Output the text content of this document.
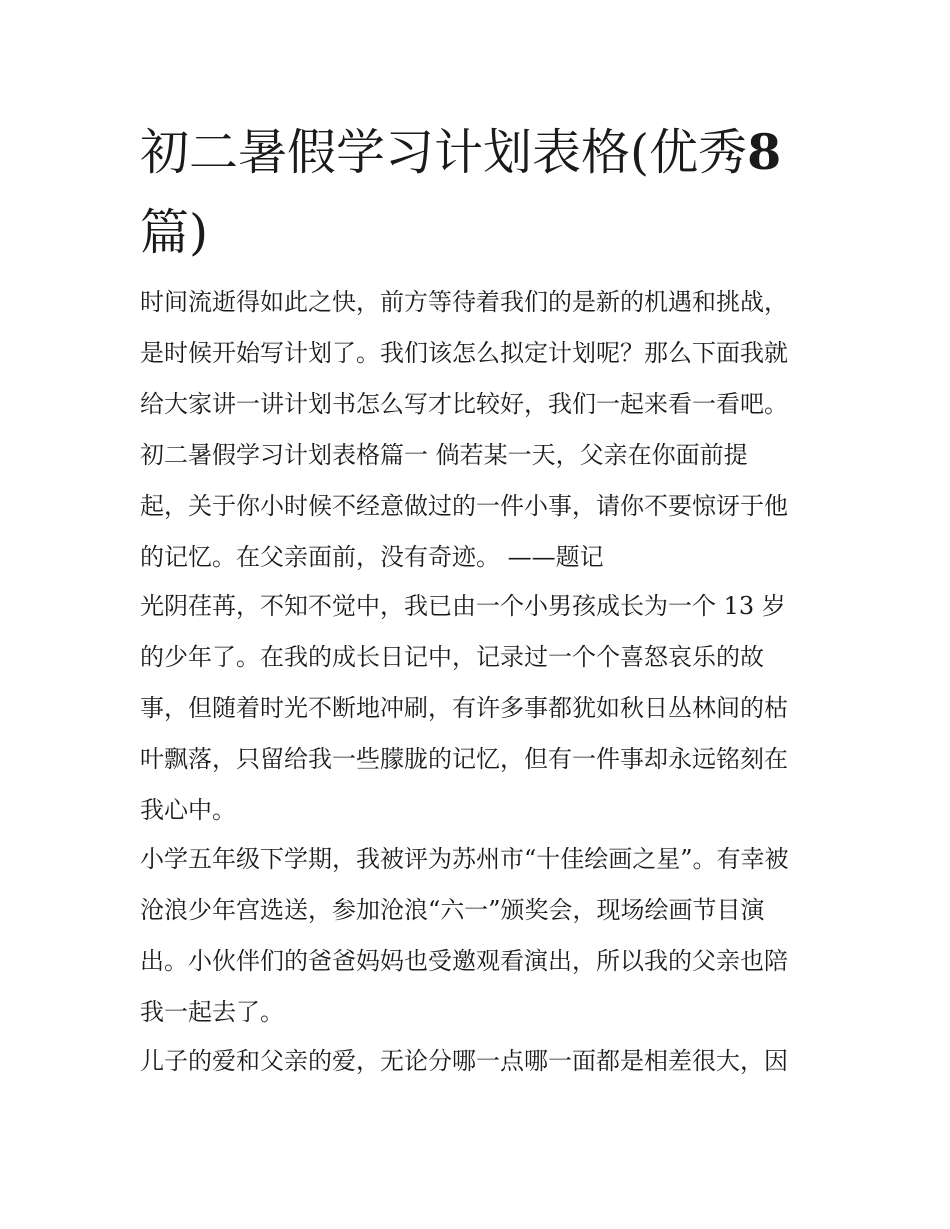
初二暑假学习计划表格(优秀8
篇)
时间流逝得如此之快，前方等待着我们的是新的机遇和挑战，
是时候开始写计划了。我们该怎么拟定计划呢？那么下面我就
给大家讲一讲计划书怎么写才比较好，我们一起来看一看吧。
初二暑假学习计划表格篇一 倘若某一天，父亲在你面前提
起，关于你小时候不经意做过的一件小事，请你不要惊讶于他
的记忆。在父亲面前，没有奇迹。 ——题记
光阴荏苒，不知不觉中，我已由一个小男孩成长为一个 13 岁
的少年了。在我的成长日记中，记录过一个个喜怒哀乐的故
事，但随着时光不断地冲刷，有许多事都犹如秋日丛林间的枯
叶飘落，只留给我一些朦胧的记忆，但有一件事却永远铭刻在
我心中。
小学五年级下学期，我被评为苏州市“十佳绘画之星”。有幸被
沧浪少年宫选送，参加沧浪“六一”颁奖会，现场绘画节目演
出。小伙伴们的爸爸妈妈也受邀观看演出，所以我的父亲也陪
我一起去了。
儿子的爱和父亲的爱，无论分哪一点哪一面都是相差很大，因
